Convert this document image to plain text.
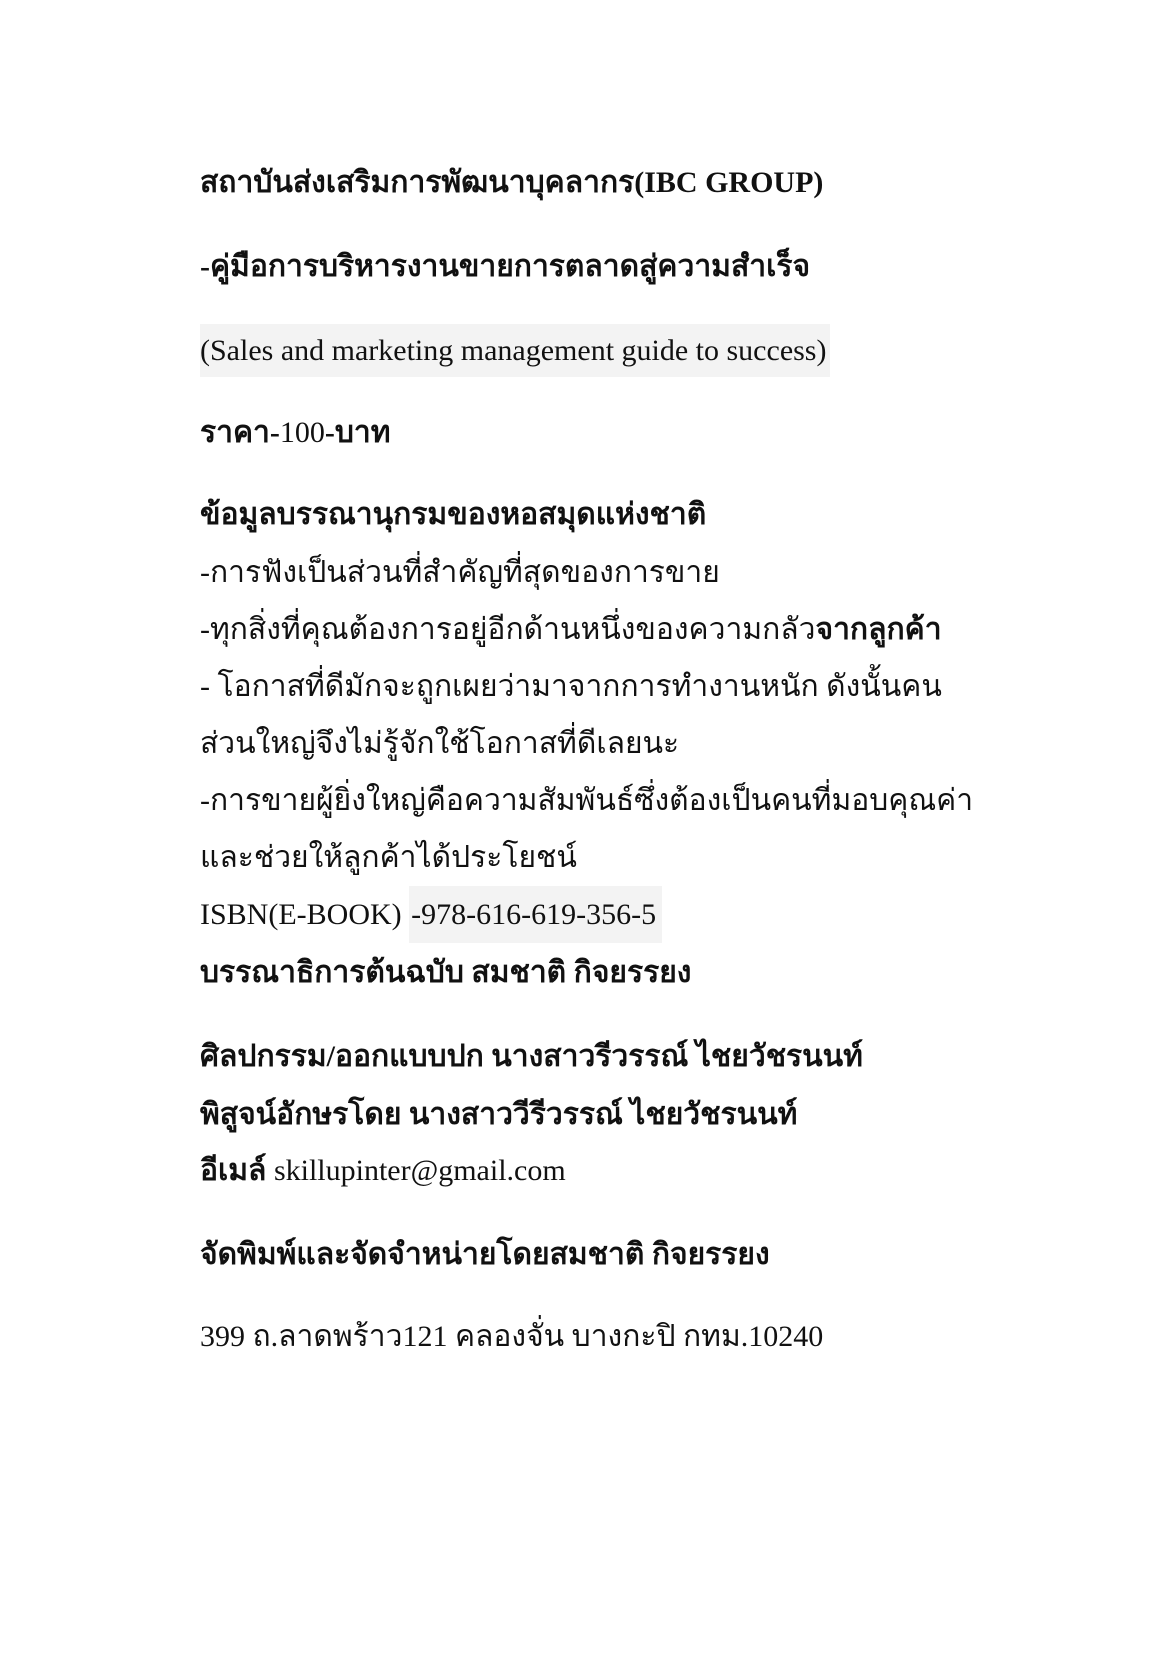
สถาบันส่งเสริมการพัฒนาบุคลากร(IBC GROUP)
-คู่มือการบริหารงานขายการตลาดสู่ความสำเร็จ
(Sales and marketing management guide to success)
ราคา-100-บาท
ข้อมูลบรรณานุกรมของหอสมุดแห่งชาติ
-การฟังเป็นส่วนที่สำคัญที่สุดของการขาย
-ทุกสิ่งที่คุณต้องการอยู่อีกด้านหนึ่งของความกลัวจากลูกค้า
- โอกาสที่ดีมักจะถูกเผยว่ามาจากการทำงานหนัก ดังนั้นคน
ส่วนใหญ่จึงไม่รู้จักใช้โอกาสที่ดีเลยนะ
-การขายผู้ยิ่งใหญ่คือความสัมพันธ์ซึ่งต้องเป็นคนที่มอบคุณค่า
และช่วยให้ลูกค้าได้ประโยชน์
ISBN(E-BOOK) -978-616-619-356-5
บรรณาธิการต้นฉบับ สมชาติ กิจยรรยง
ศิลปกรรม/ออกแบบปก นางสาวรีวรรณ์ ไชยวัชรนนท์
พิสูจน์อักษรโดย นางสาววีรีวรรณ์ ไชยวัชรนนท์
อีเมล์ skillupinter@gmail.com
จัดพิมพ์และจัดจำหน่ายโดยสมชาติ กิจยรรยง
399 ถ.ลาดพร้าว121 คลองจั่น บางกะปิ กทม.10240
